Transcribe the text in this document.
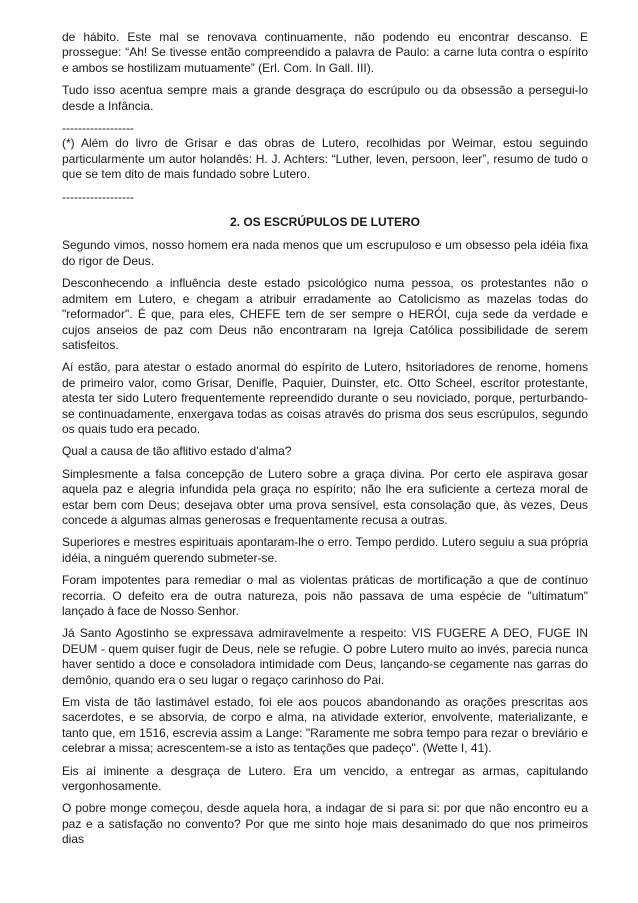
de hábito. Este mal se renovava continuamente, não podendo eu encontrar descanso. E prossegue: “Ah! Se tivesse então compreendido a palavra de Paulo: a carne luta contra o espírito e ambos se hostilizam mutuamente” (Erl. Com. In Gall. III).

Tudo isso acentua sempre mais a grande desgraça do escrúpulo ou da obsessão a persegui-lo desde a Infância.

------------------

(*) Além do livro de Grisar e das obras de Lutero, recolhidas por Weimar, estou seguindo particularmente um autor holandês: H. J. Achters: “Luther, leven, persoon, leer”, resumo de tudo o que se tem dito de mais fundado sobre Lutero.

------------------

2. OS ESCRÚPULOS DE LUTERO

Segundo vimos, nosso homem era nada menos que um escrupuloso e um obsesso pela idéia fixa do rigor de Deus.

Desconhecendo a influência deste estado psicológico numa pessoa, os protestantes não o admitem em Lutero, e chegam a atribuir erradamente ao Catolicismo as mazelas todas do "reformador". É que, para eles, CHEFE tem de ser sempre o HERÓI, cuja sede da verdade e cujos anseios de paz com Deus não encontraram na Igreja Católica possibilidade de serem satisfeitos.

Aí estão, para atestar o estado anormal do espírito de Lutero, hsitoriadores de renome, homens de primeiro valor, como Grisar, Denifle, Paquier, Duinster, etc. Otto Scheel, escritor protestante, atesta ter sido Lutero frequentemente repreendido durante o seu noviciado, porque, perturbando-se continuadamente, enxergava todas as coisas através do prisma dos seus escrúpulos, segundo os quais tudo era pecado.

Qual a causa de tão aflitivo estado d’alma?

Simplesmente a falsa concepção de Lutero sobre a graça divina. Por certo ele aspirava gosar aquela paz e alegria infundida pela graça no espírito; não lhe era suficiente a certeza moral de estar bem com Deus; desejava obter uma prova sensível, esta consolação que, às vezes, Deus concede a algumas almas generosas e frequentamente recusa a outras.

Superiores e mestres espirituais apontaram-lhe o erro. Tempo perdido. Lutero seguiu a sua própria idéia, a ninguém querendo submeter-se.

Foram impotentes para remediar o mal as violentas práticas de mortificação a que de contínuo recorria. O defeito era de outra natureza, pois não passava de uma espécie de "ultimatum" lançado à face de Nosso Senhor.

Já Santo Agostinho se expressava admiravelmente a respeito: VIS FUGERE A DEO, FUGE IN DEUM - quem quiser fugir de Deus, nele se refugie. O pobre Lutero muito ao invés, parecia nunca haver sentido a doce e consoladora intimidade com Deus, lançando-se cegamente nas garras do demônio, quando era o seu lugar o regaço carinhoso do Pai.

Em vista de tão lastimável estado, foi ele aos poucos abandonando as orações prescritas aos sacerdotes, e se absorvia, de corpo e alma, na atividade exterior, envolvente, materializante, e tanto que, em 1516, escrevia assim a Lange: "Raramente me sobra tempo para rezar o breviário e celebrar a missa; acrescentem-se a isto as tentações que padeço". (Wette I, 41).

Eis aí iminente a desgraça de Lutero. Era um vencido, a entregar as armas, capitulando vergonhosamente.

O pobre monge começou, desde aquela hora, a indagar de si para si: por que não encontro eu a paz e a satisfação no convento? Por que me sinto hoje mais desanimado do que nos primeiros dias
